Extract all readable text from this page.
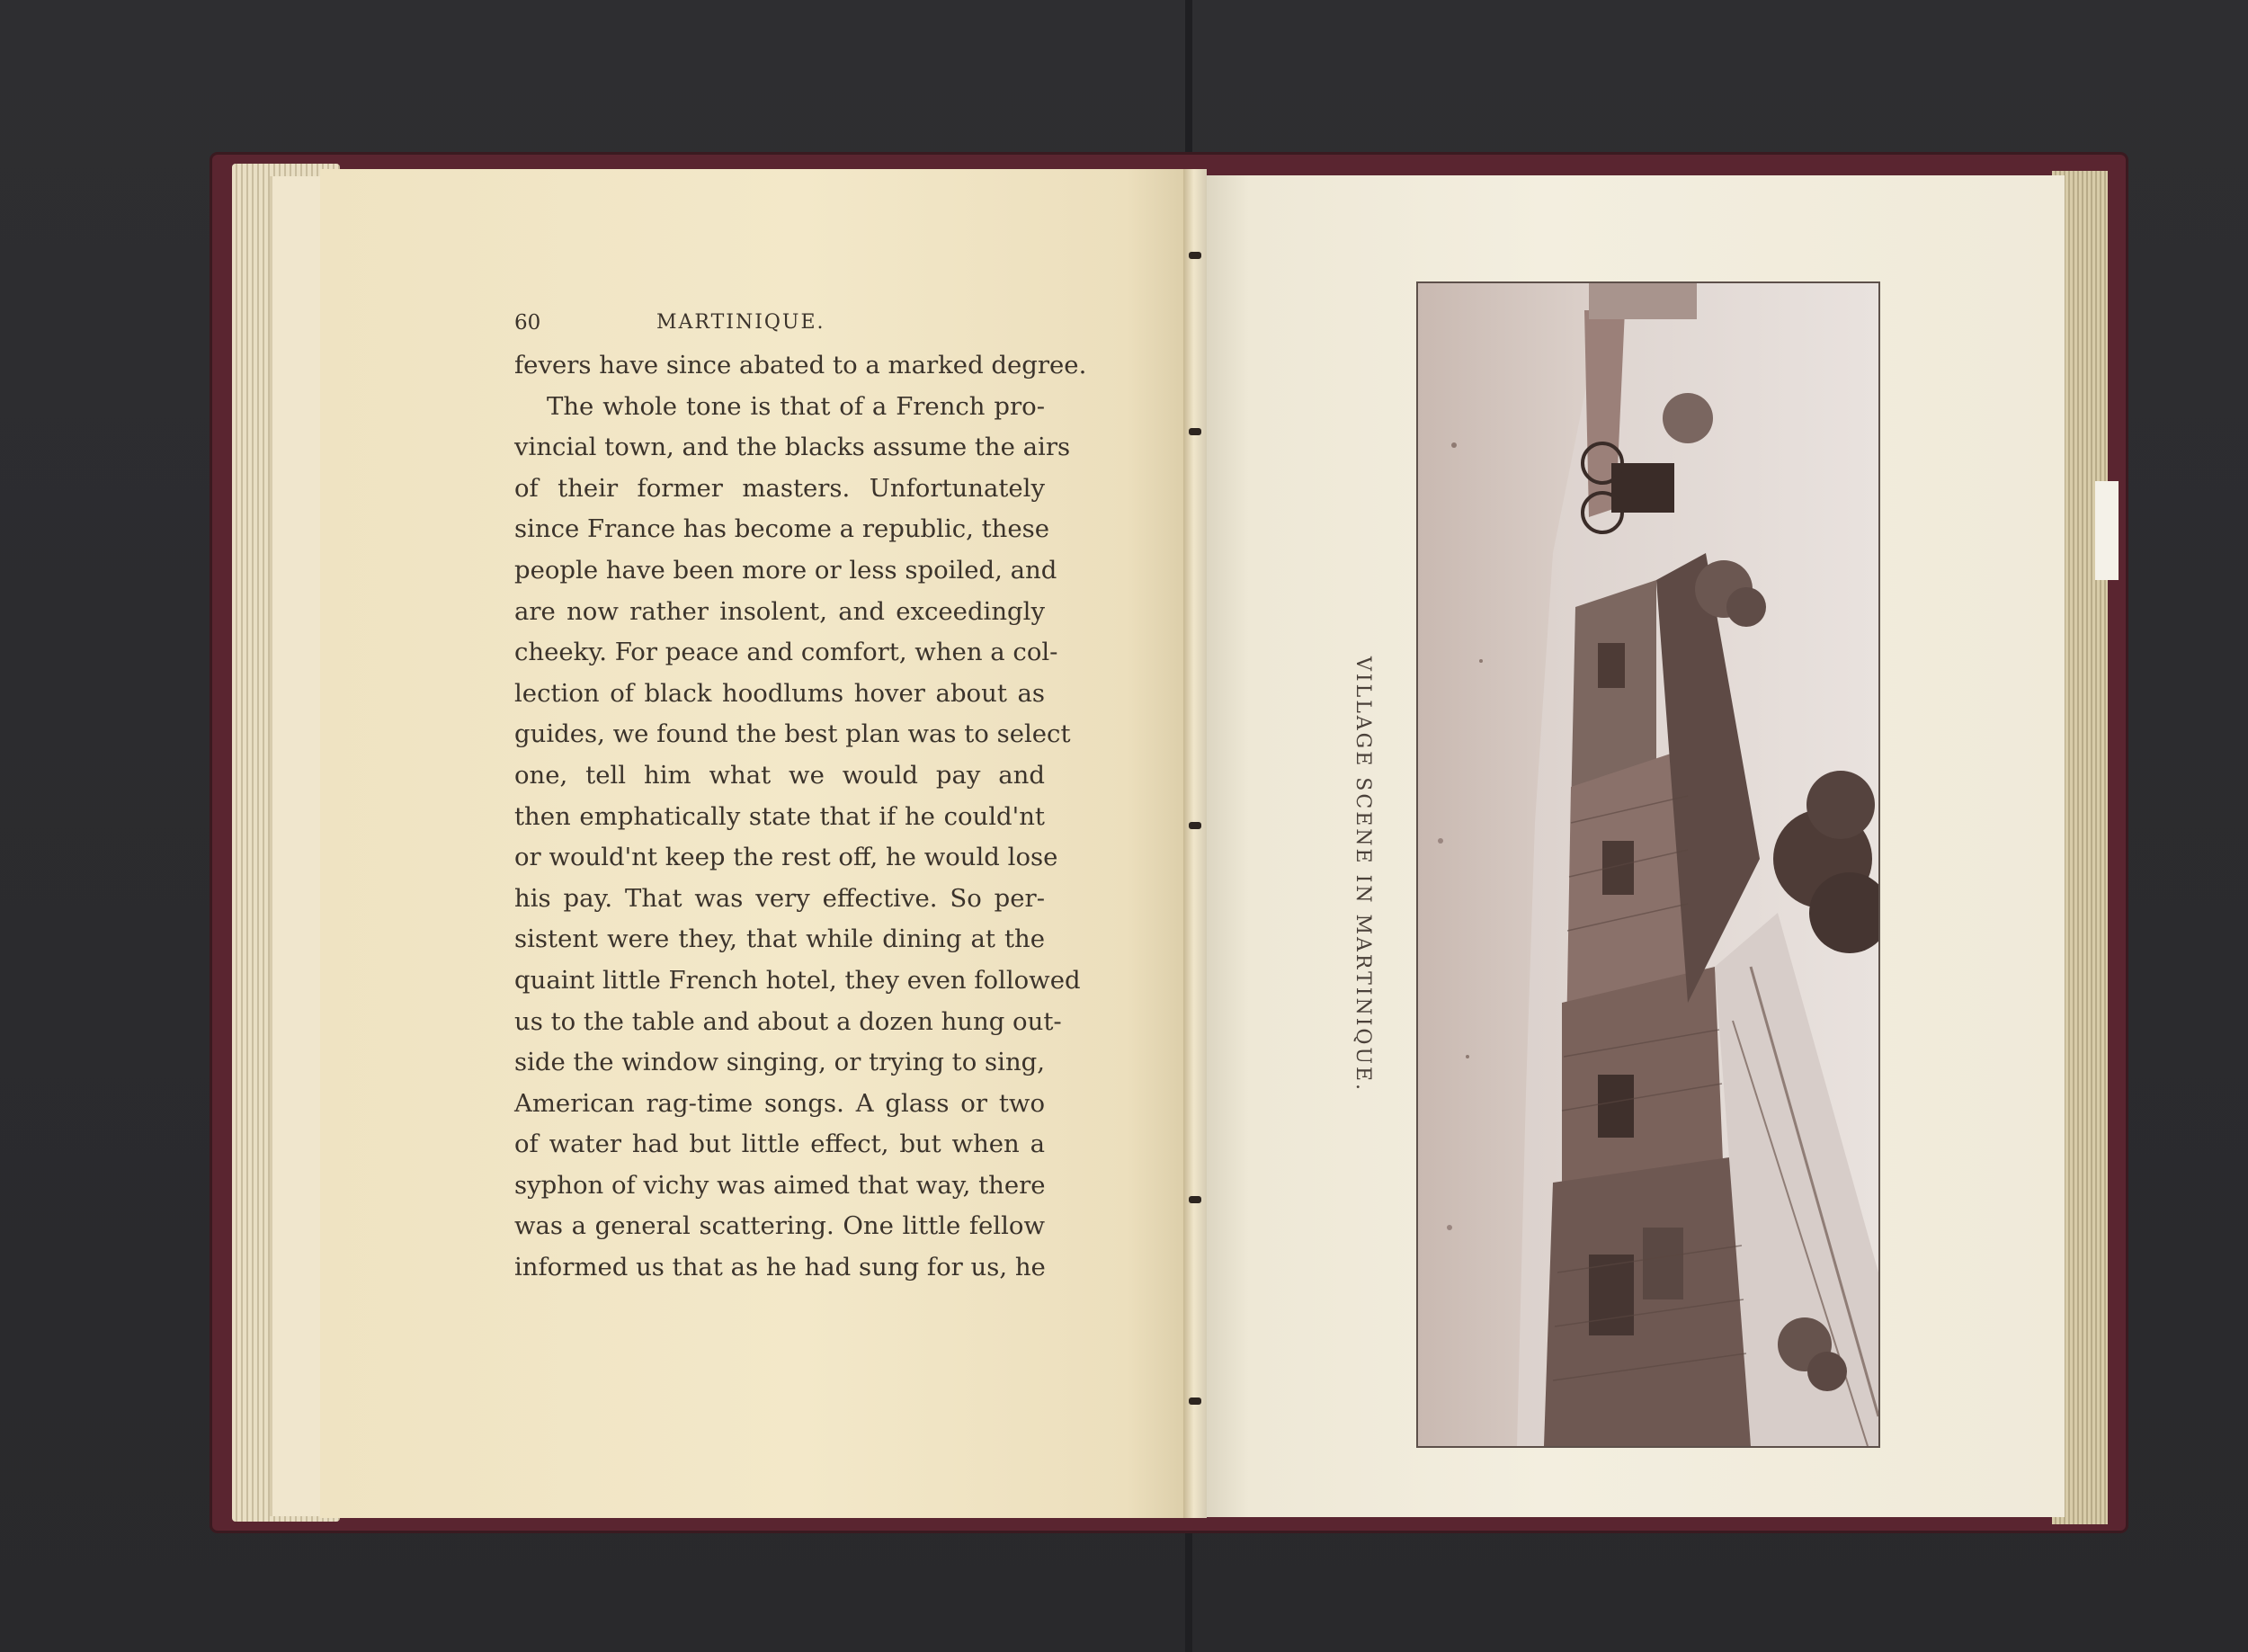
60	MARTINIQUE.
fevers have since abated to a marked degree.
The whole tone is that of a French pro-
vincial town, and the blacks assume the airs
of their former masters. Unfortunately
since France has become a republic, these
people have been more or less spoiled, and
are now rather insolent, and exceedingly
cheeky. For peace and comfort, when a col-
lection of black hoodlums hover about as
guides, we found the best plan was to select
one, tell him what we would pay and
then emphatically state that if he could'nt
or would'nt keep the rest off, he would lose
his pay. That was very effective. So per-
sistent were they, that while dining at the
quaint little French hotel, they even followed
us to the table and about a dozen hung out-
side the window singing, or trying to sing,
American rag-time songs. A glass or two
of water had but little effect, but when a
syphon of vichy was aimed that way, there
was a general scattering. One little fellow
informed us that as he had sung for us, he
VILLAGE SCENE IN MARTINIQUE.
